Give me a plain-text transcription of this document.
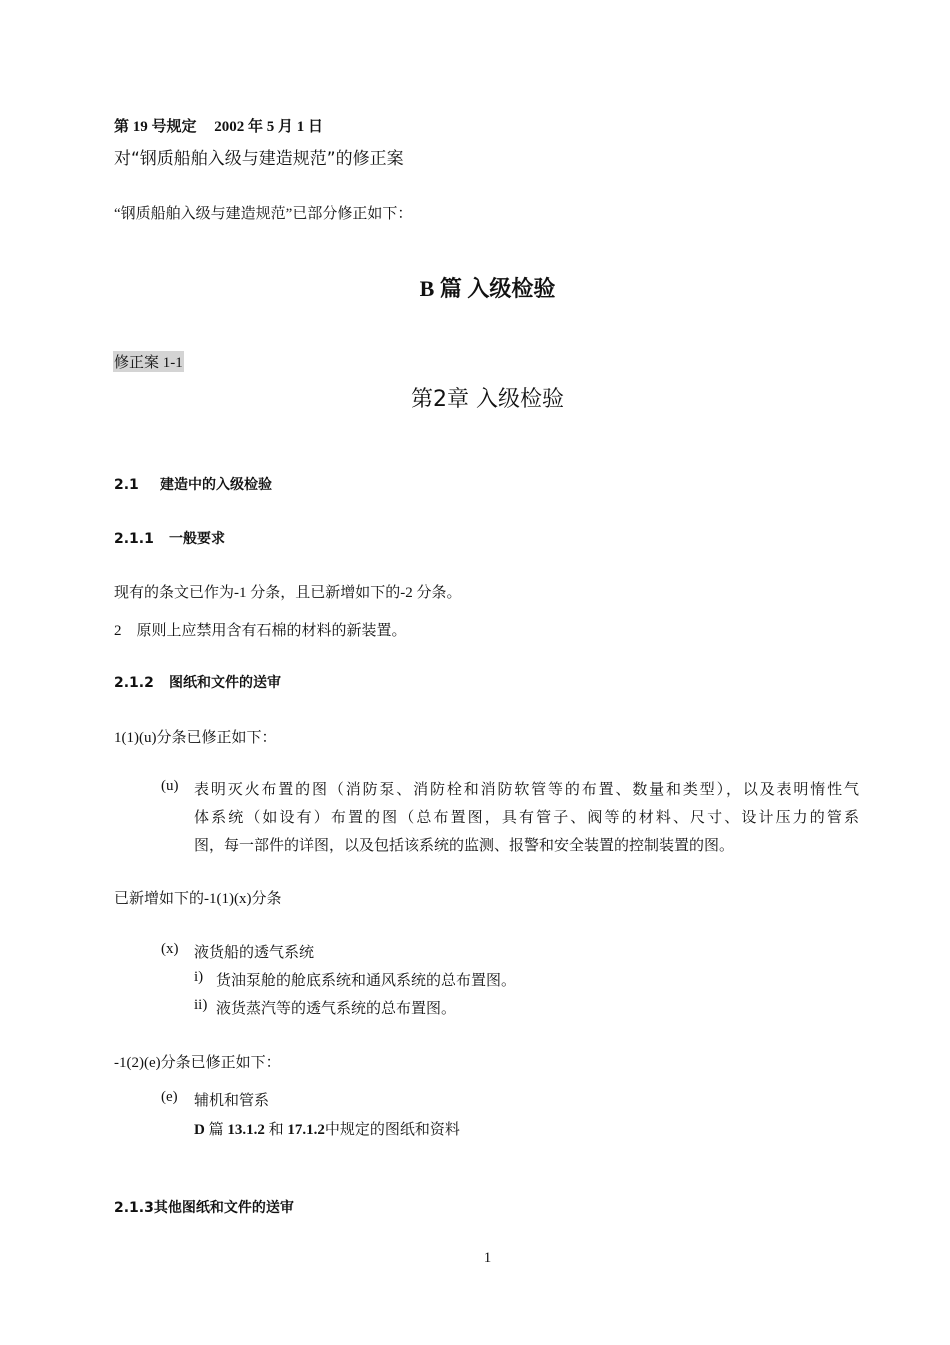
第 19 号规定 2002 年 5 月 1 日
对“钢质船舶入级与建造规范”的修正案
“钢质船舶入级与建造规范”已部分修正如下：
B 篇 入级检验
修正案 1-1
第2章 入级检验
2.1 建造中的入级检验
2.1.1 一般要求
现有的条文已作为-1 分条，且已新增如下的-2 分条。
2    原则上应禁用含有石棉的材料的新装置。
2.1.2 图纸和文件的送审
1(1)(u)分条已修正如下：
(u) 表明灭火布置的图（消防泵、消防栓和消防软管等的布置、数量和类型），以及表明惰性气
体系统（如设有）布置的图（总布置图，具有管子、阀等的材料、尺寸、设计压力的管系
图，每一部件的详图，以及包括该系统的监测、报警和安全装置的控制装置的图。
已新增如下的-1(1)(x)分条
(x) 液货船的透气系统
i) 货油泵舱的舱底系统和通风系统的总布置图。
ii) 液货蒸汽等的透气系统的总布置图。
-1(2)(e)分条已修正如下：
(e) 辅机和管系
D 篇 13.1.2 和 17.1.2中规定的图纸和资料
2.1.3其他图纸和文件的送审
1
